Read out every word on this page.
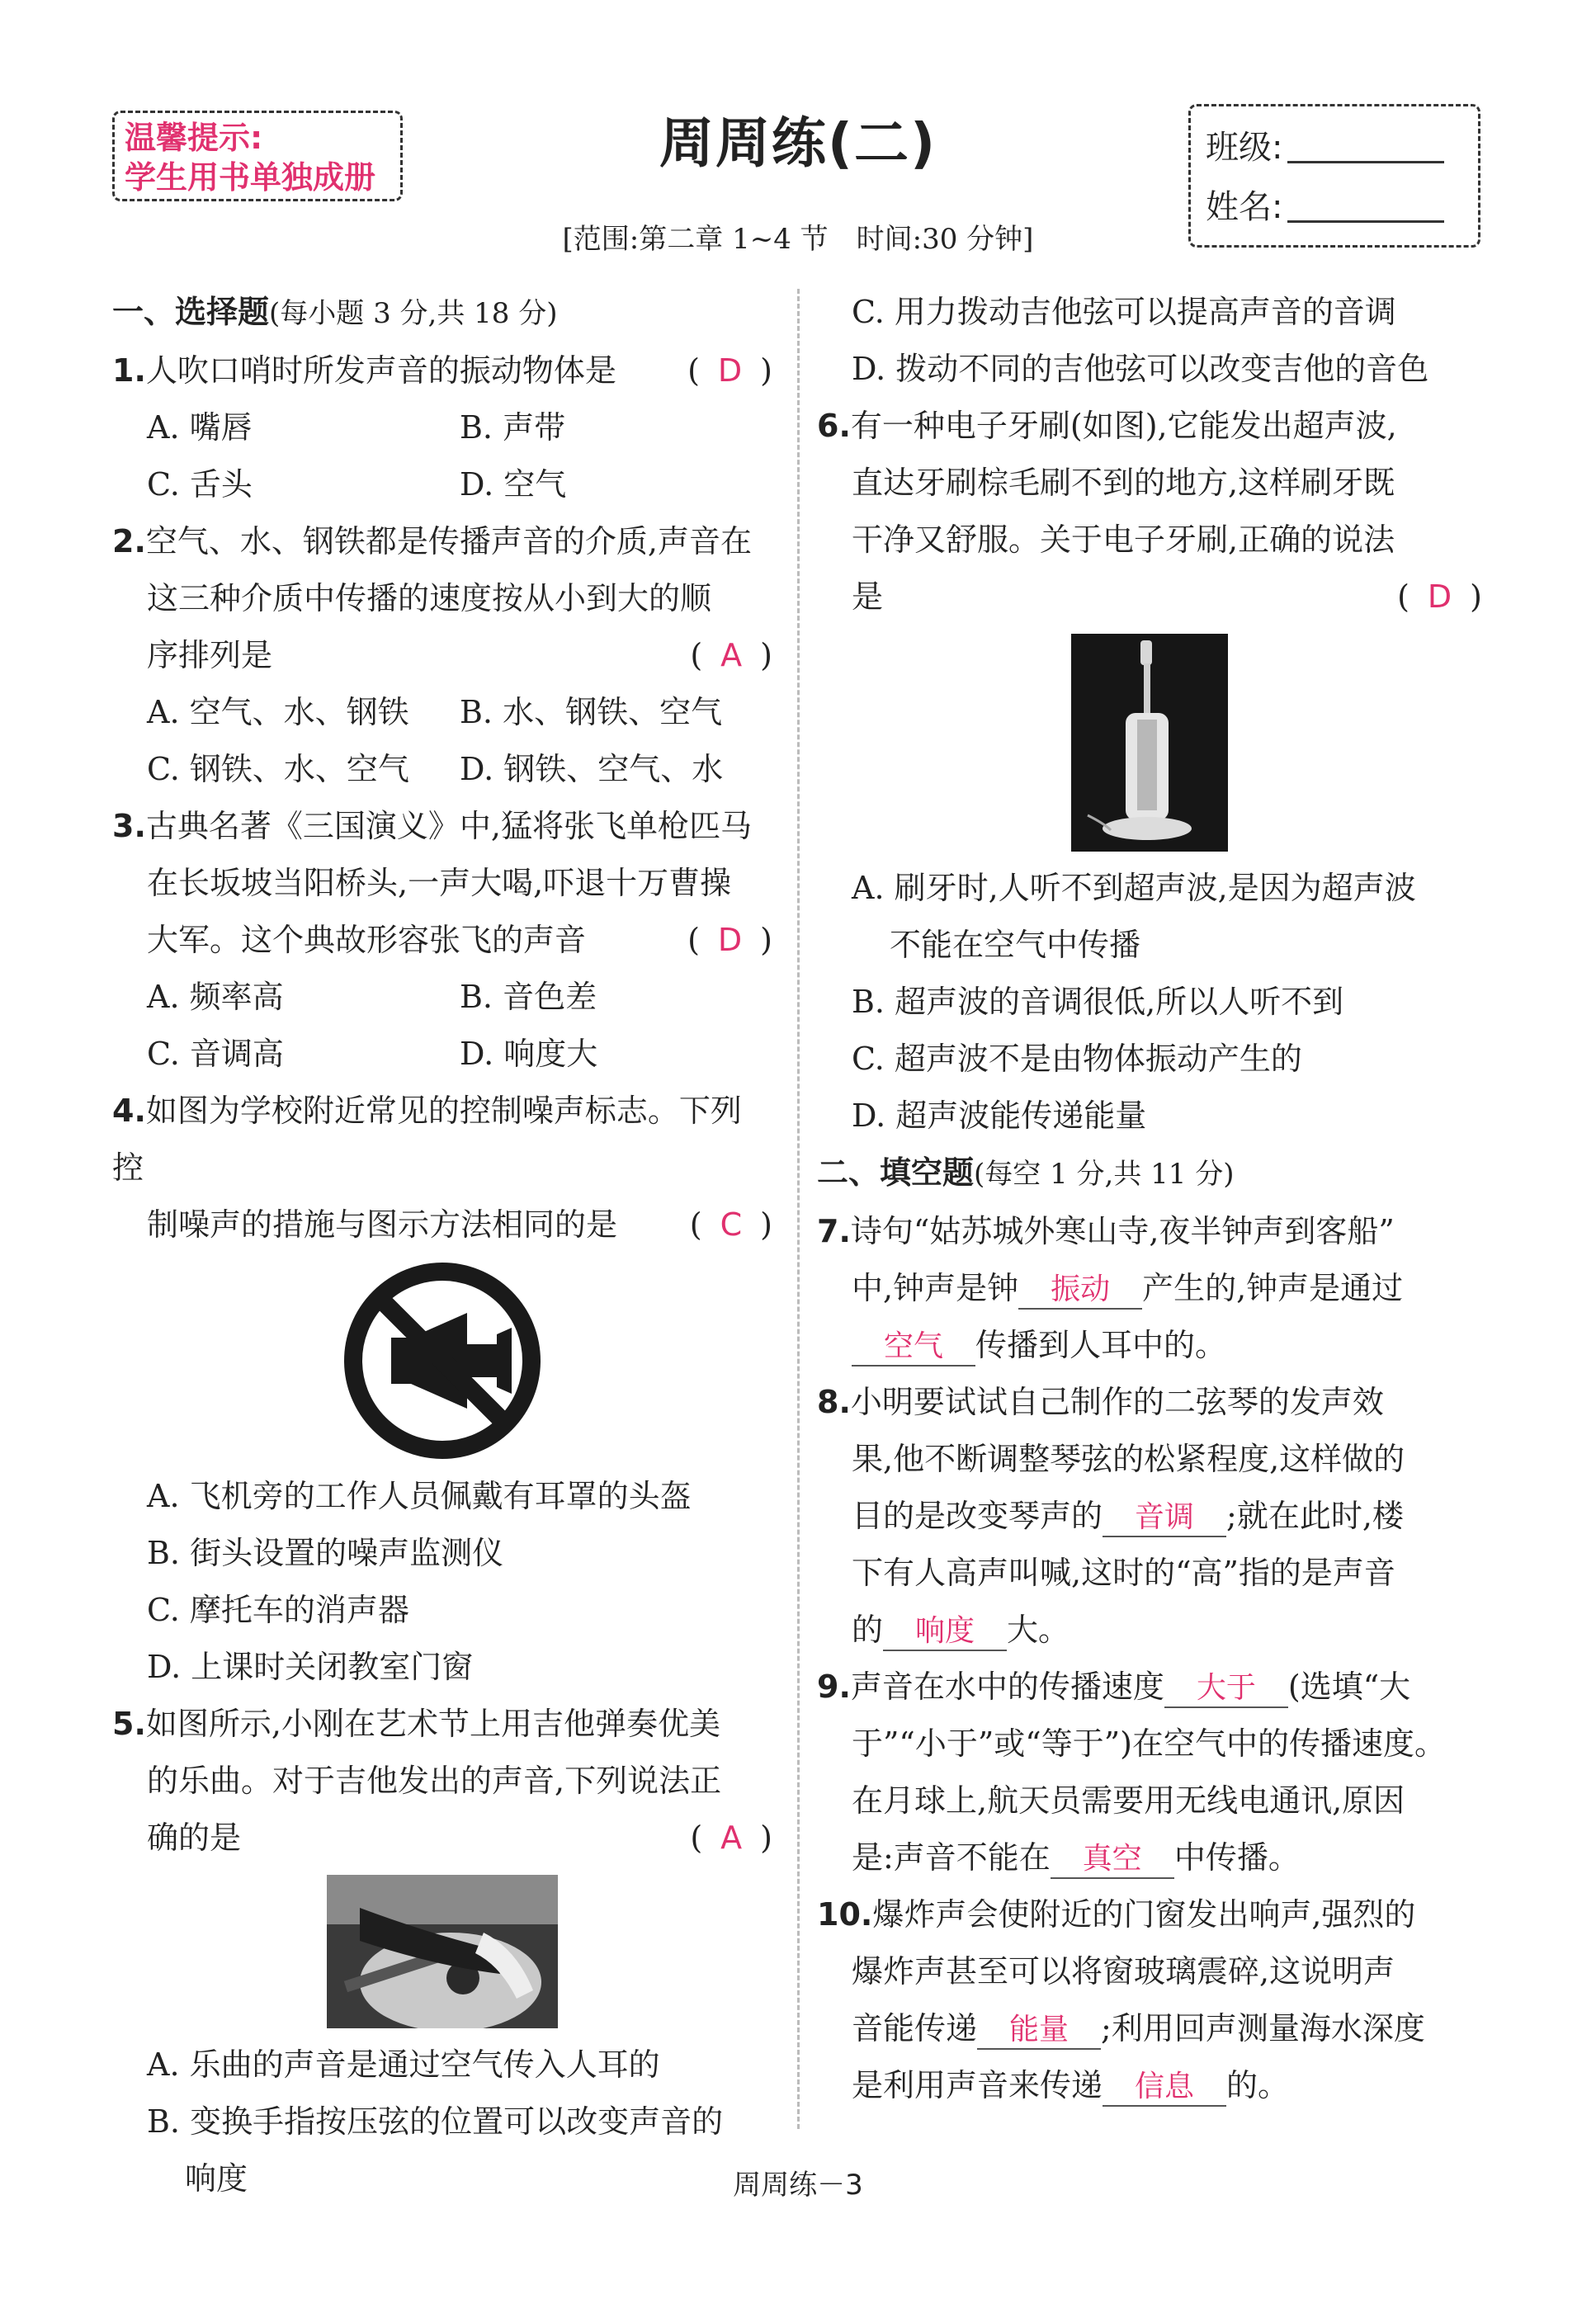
温馨提示:
学生用书单独成册
周周练(二)
[范围:第二章 1~4 节　时间:30 分钟]
班级:
姓名:
一、选择题(每小题 3 分,共 18 分)
( D )
1.人吹口哨时所发声音的振动物体是
A. 嘴唇	B. 声带
C. 舌头	D. 空气
2.空气、水、钢铁都是传播声音的介质,声音在
这三种介质中传播的速度按从小到大的顺
( A )
序排列是
A. 空气、水、钢铁	B. 水、钢铁、空气
C. 钢铁、水、空气	D. 钢铁、空气、水
3.古典名著《三国演义》中,猛将张飞单枪匹马
在长坂坡当阳桥头,一声大喝,吓退十万曹操
( D )
大军。这个典故形容张飞的声音
A. 频率高	B. 音色差
C. 音调高	D. 响度大
4.如图为学校附近常见的控制噪声标志。下列控
( C )
制噪声的措施与图示方法相同的是
A. 飞机旁的工作人员佩戴有耳罩的头盔
B. 街头设置的噪声监测仪
C. 摩托车的消声器
D. 上课时关闭教室门窗
5.如图所示,小刚在艺术节上用吉他弹奏优美
的乐曲。对于吉他发出的声音,下列说法正
( A )
确的是
A. 乐曲的声音是通过空气传入人耳的
B. 变换手指按压弦的位置可以改变声音的
响度
C. 用力拨动吉他弦可以提高声音的音调
D. 拨动不同的吉他弦可以改变吉他的音色
6.有一种电子牙刷(如图),它能发出超声波,
直达牙刷棕毛刷不到的地方,这样刷牙既
干净又舒服。关于电子牙刷,正确的说法
( D )
是
A. 刷牙时,人听不到超声波,是因为超声波
不能在空气中传播
B. 超声波的音调很低,所以人听不到
C. 超声波不是由物体振动产生的
D. 超声波能传递能量
二、填空题(每空 1 分,共 11 分)
7.诗句“姑苏城外寒山寺,夜半钟声到客船”
中,钟声是钟 振动 产生的,钟声是通过
空气 传播到人耳中的。
8.小明要试试自己制作的二弦琴的发声效
果,他不断调整琴弦的松紧程度,这样做的
目的是改变琴声的 音调 ;就在此时,楼
下有人高声叫喊,这时的“高”指的是声音
的 响度 大。
9.声音在水中的传播速度 大于 (选填“大
于”“小于”或“等于”)在空气中的传播速度。
在月球上,航天员需要用无线电通讯,原因
是:声音不能在 真空 中传播。
10.爆炸声会使附近的门窗发出响声,强烈的
爆炸声甚至可以将窗玻璃震碎,这说明声
音能传递 能量 ;利用回声测量海水深度
是利用声音来传递 信息 的。
周周练－3
